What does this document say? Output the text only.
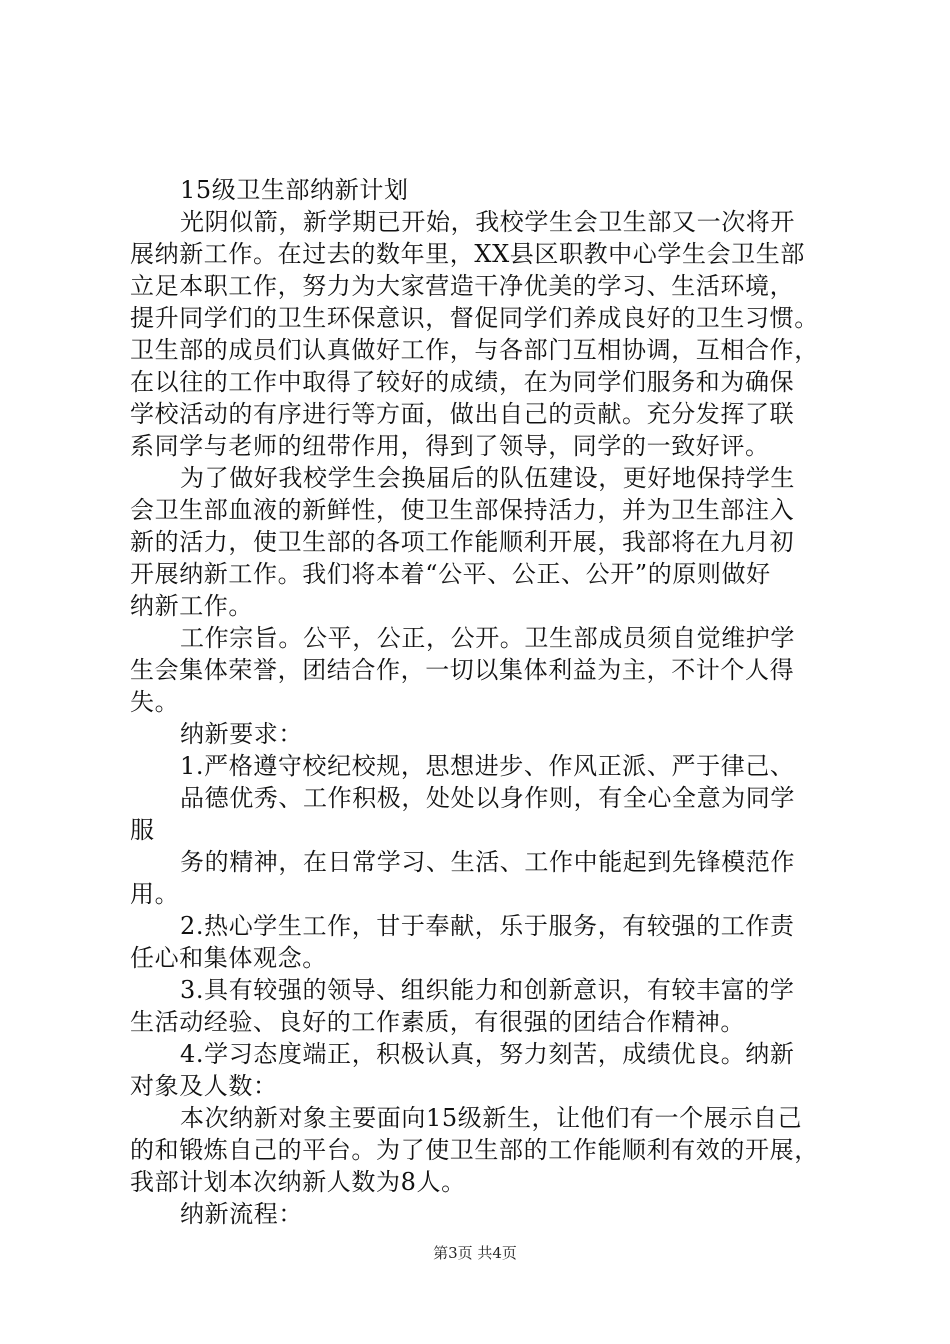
15级卫生部纳新计划
光阴似箭，新学期已开始，我校学生会卫生部又一次将开
展纳新工作。在过去的数年里，XX县区职教中心学生会卫生部
立足本职工作，努力为大家营造干净优美的学习、生活环境，
提升同学们的卫生环保意识，督促同学们养成良好的卫生习惯。
卫生部的成员们认真做好工作，与各部门互相协调，互相合作，
在以往的工作中取得了较好的成绩，在为同学们服务和为确保
学校活动的有序进行等方面，做出自己的贡献。充分发挥了联
系同学与老师的纽带作用，得到了领导，同学的一致好评。
为了做好我校学生会换届后的队伍建设，更好地保持学生
会卫生部血液的新鲜性，使卫生部保持活力，并为卫生部注入
新的活力，使卫生部的各项工作能顺利开展，我部将在九月初
开展纳新工作。我们将本着“公平、公正、公开”的原则做好
纳新工作。
工作宗旨。公平，公正，公开。卫生部成员须自觉维护学
生会集体荣誉，团结合作，一切以集体利益为主，不计个人得
失。
纳新要求：
1.严格遵守校纪校规，思想进步、作风正派、严于律己、
品德优秀、工作积极，处处以身作则，有全心全意为同学
服
务的精神，在日常学习、生活、工作中能起到先锋模范作
用。
2.热心学生工作，甘于奉献，乐于服务，有较强的工作责
任心和集体观念。
3.具有较强的领导、组织能力和创新意识，有较丰富的学
生活动经验、良好的工作素质，有很强的团结合作精神。
4.学习态度端正，积极认真，努力刻苦，成绩优良。纳新
对象及人数：
本次纳新对象主要面向15级新生，让他们有一个展示自己
的和锻炼自己的平台。为了使卫生部的工作能顺利有效的开展，
我部计划本次纳新人数为8人。
纳新流程：
第3页 共4页
